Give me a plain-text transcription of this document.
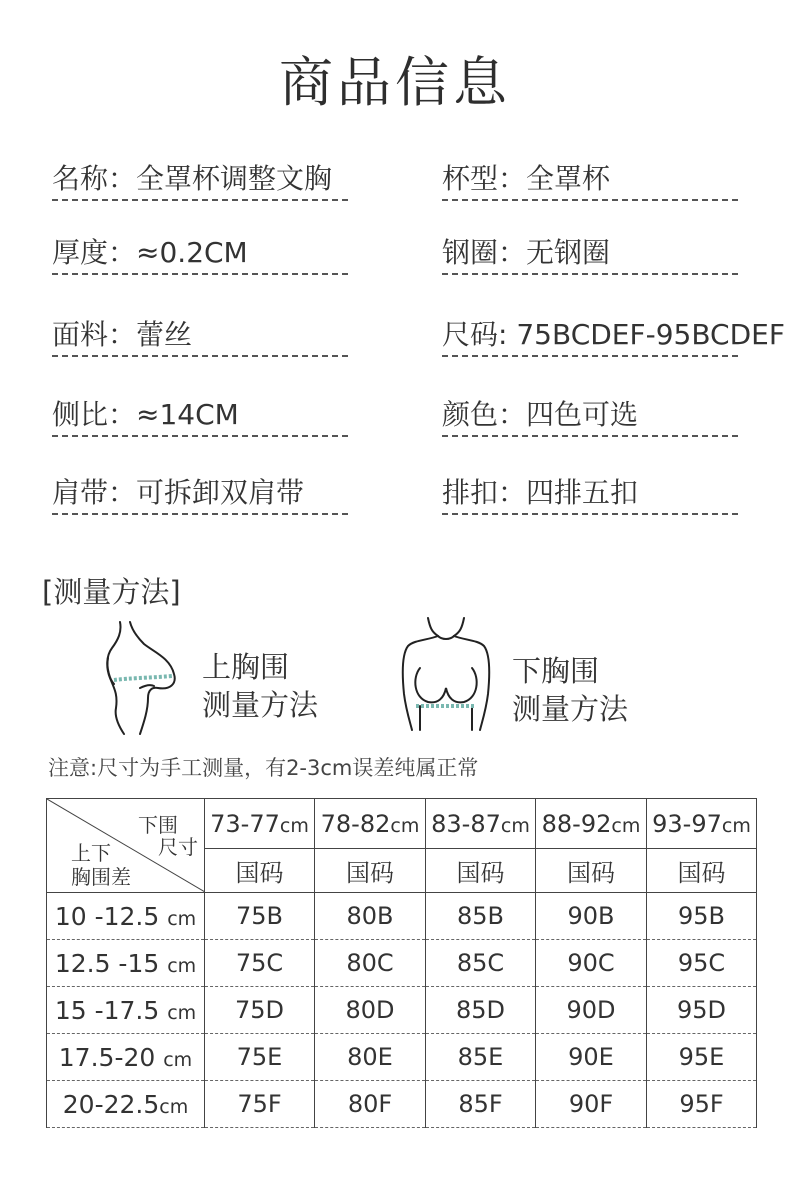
商品信息
名称：全罩杯调整文胸	杯型：全罩杯
厚度：≈0.2CM	钢圈：无钢圈
面料：蕾丝	尺码: 75BCDEF-95BCDEF
侧比：≈14CM	颜色：四色可选
肩带：可拆卸双肩带	排扣：四排五扣
[测量方法]
上胸围
测量方法
下胸围
测量方法
注意:尺寸为手工测量，有2-3cm误差纯属正常
下围
尺寸
上下
胸围差	73-77cm	78-82cm	83-87cm	88-92cm	93-97cm
	国码	国码	国码	国码	国码
10 -12.5 cm	75B	80B	85B	90B	95B
12.5 -15 cm	75C	80C	85C	90C	95C
15 -17.5 cm	75D	80D	85D	90D	95D
17.5-20 cm	75E	80E	85E	90E	95E
20-22.5cm	75F	80F	85F	90F	95F
